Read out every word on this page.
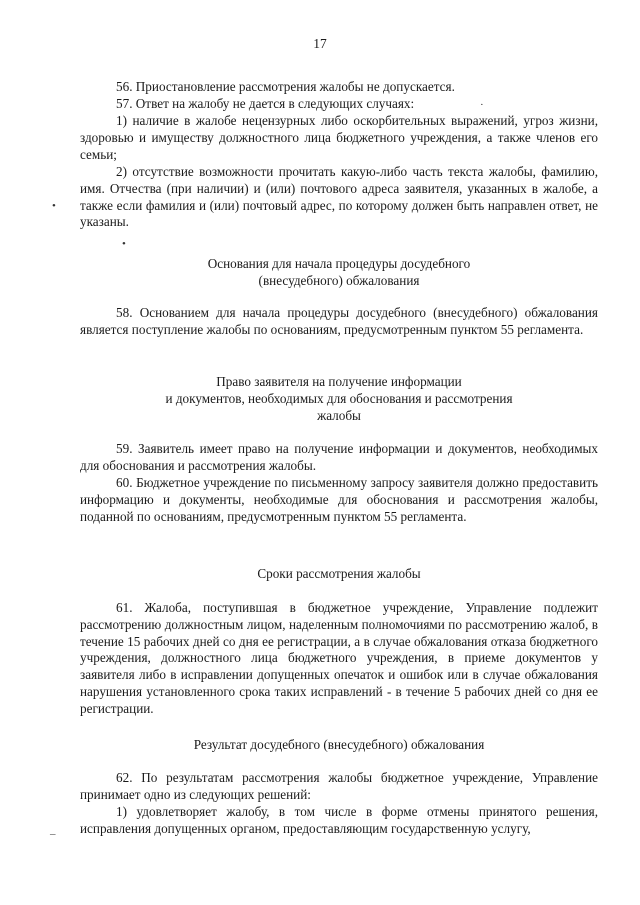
17
56. Приостановление рассмотрения жалобы не допускается.
57. Ответ на жалобу не дается в следующих случаях:
1) наличие в жалобе нецензурных либо оскорбительных выражений, угроз жизни, здоровью и имуществу должностного лица бюджетного учреждения, а также членов его семьи;
2) отсутствие возможности прочитать какую-либо часть текста жалобы, фамилию, имя. Отчества (при наличии) и (или) почтового адреса заявителя, указанных в жалобе, а также если фамилия и (или) почтовый адрес, по которому должен быть направлен ответ, не указаны.
Основания для начала процедуры досудебного
(внесудебного) обжалования
58. Основанием для начала процедуры досудебного (внесудебного) обжалования является поступление жалобы по основаниям, предусмотренным пунктом 55 регламента.
Право заявителя на получение информации
и документов, необходимых для обоснования и рассмотрения
жалобы
59. Заявитель имеет право на получение информации и документов, необходимых для обоснования и рассмотрения жалобы.
60. Бюджетное учреждение по письменному запросу заявителя должно предоставить информацию и документы, необходимые для обоснования и рассмотрения жалобы, поданной по основаниям, предусмотренным пунктом 55 регламента.
Сроки рассмотрения жалобы
61. Жалоба, поступившая в бюджетное учреждение, Управление подлежит рассмотрению должностным лицом, наделенным полномочиями по рассмотрению жалоб, в течение 15 рабочих дней со дня ее регистрации, а в случае обжалования отказа бюджетного учреждения, должностного лица бюджетного учреждения, в приеме документов у заявителя либо в исправлении допущенных опечаток и ошибок или в случае обжалования нарушения установленного срока таких исправлений - в течение 5 рабочих дней со дня ее регистрации.
Результат досудебного (внесудебного) обжалования
62. По результатам рассмотрения жалобы бюджетное учреждение, Управление принимает одно из следующих решений:
1) удовлетворяет жалобу, в том числе в форме отмены принятого решения, исправления допущенных органом, предоставляющим государственную услугу,
•
•
·
–
